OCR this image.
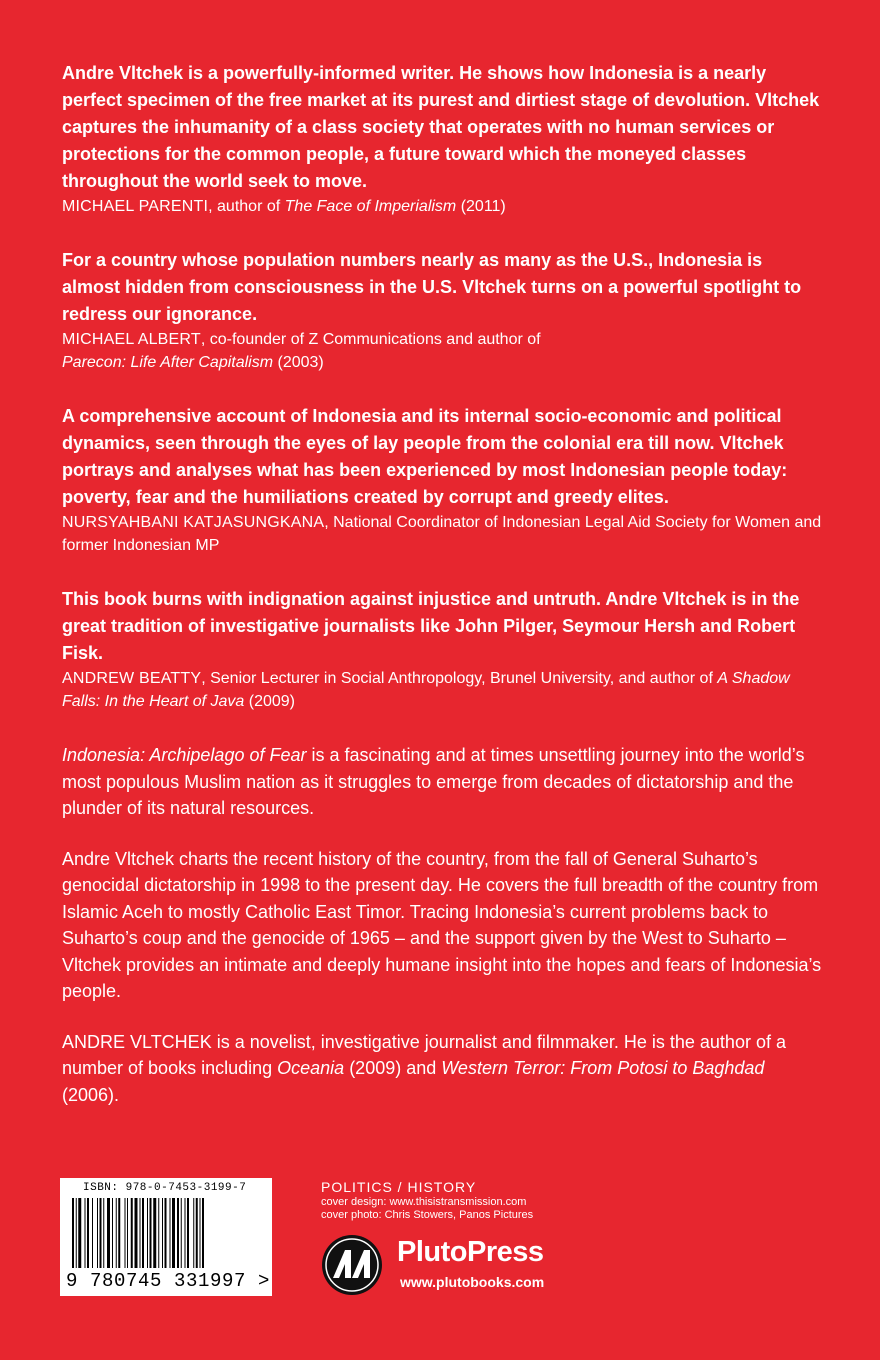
Andre Vltchek is a powerfully-informed writer. He shows how Indonesia is a nearly perfect specimen of the free market at its purest and dirtiest stage of devolution. Vltchek captures the inhumanity of a class society that operates with no human services or protections for the common people, a future toward which the moneyed classes throughout the world seek to move.

MICHAEL PARENTI, author of The Face of Imperialism (2011)

For a country whose population numbers nearly as many as the U.S., Indonesia is almost hidden from consciousness in the U.S. Vltchek turns on a powerful spotlight to redress our ignorance.

MICHAEL ALBERT, co-founder of Z Communications and author of
Parecon: Life After Capitalism (2003)

A comprehensive account of Indonesia and its internal socio-economic and political dynamics, seen through the eyes of lay people from the colonial era till now. Vltchek portrays and analyses what has been experienced by most Indonesian people today: poverty, fear and the humiliations created by corrupt and greedy elites.

NURSYAHBANI KATJASUNGKANA, National Coordinator of Indonesian Legal Aid Society for Women and former Indonesian MP

This book burns with indignation against injustice and untruth. Andre Vltchek is in the great tradition of investigative journalists like John Pilger, Seymour Hersh and Robert Fisk.

ANDREW BEATTY, Senior Lecturer in Social Anthropology, Brunel University, and author of A Shadow Falls: In the Heart of Java (2009)

Indonesia: Archipelago of Fear is a fascinating and at times unsettling journey into the world’s most populous Muslim nation as it struggles to emerge from decades of dictatorship and the plunder of its natural resources.

Andre Vltchek charts the recent history of the country, from the fall of General Suharto’s genocidal dictatorship in 1998 to the present day. He covers the full breadth of the country from Islamic Aceh to mostly Catholic East Timor. Tracing Indonesia’s current problems back to Suharto’s coup and the genocide of 1965 – and the support given by the West to Suharto – Vltchek provides an intimate and deeply humane insight into the hopes and fears of Indonesia’s people.

ANDRE VLTCHEK is a novelist, investigative journalist and filmmaker. He is the author of a number of books including Oceania (2009) and Western Terror: From Potosi to Baghdad (2006).

ISBN: 978-0-7453-3199-7
9 780745 331997 >
POLITICS / HISTORY
cover design: www.thisistransmission.com
cover photo: Chris Stowers, Panos Pictures
PlutoPress
www.plutobooks.com
